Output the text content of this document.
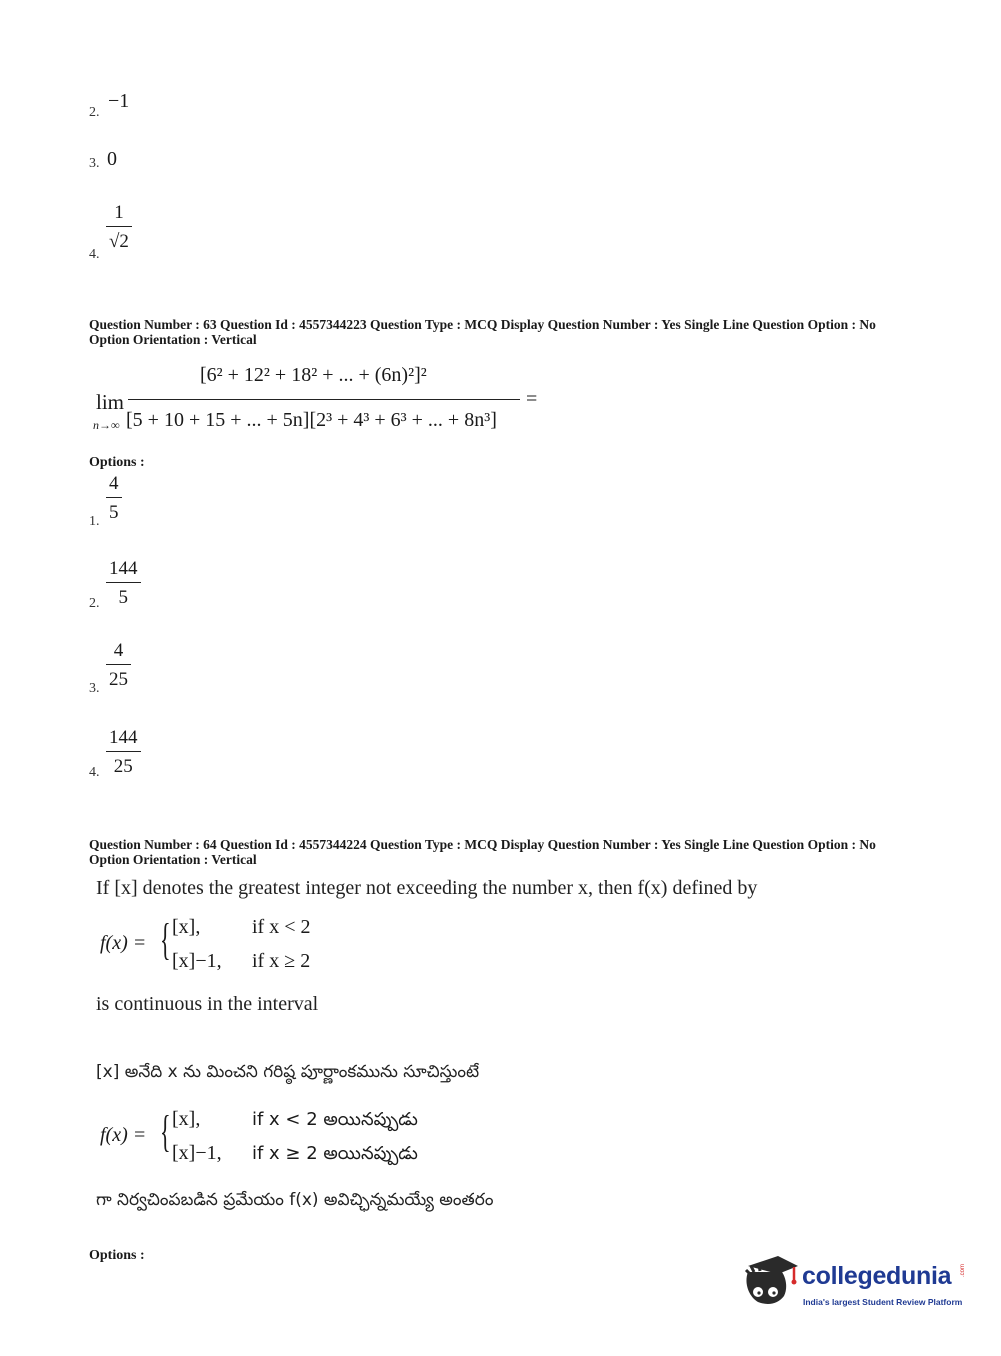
2.
−1
3. 0
4.
1
√2
Question Number : 63 Question Id : 4557344223 Question Type : MCQ Display Question Number : Yes Single Line Question Option : No Option Orientation : Vertical
lim
n→∞
[6² + 12² + 18² + ... + (6n)²]²
[5 + 10 + 15 + ... + 5n][2³ + 4³ + 6³ + ... + 8n³]
=
Options :
1.
4
5
2.
144
5
3.
4
25
4.
144
25
Question Number : 64 Question Id : 4557344224 Question Type : MCQ Display Question Number : Yes Single Line Question Option : No Option Orientation : Vertical
If [x] denotes the greatest integer not exceeding the number x, then f(x) defined by
f(x) = { [x],	if x < 2
[x]−1, if x ≥ 2
is continuous in the interval
[x] అనేది x ను మించని గరిష్ఠ పూర్ణాంకమును సూచిస్తుంటే
f(x) = { [x],	if x < 2 అయినప్పుడు
[x]−1, if x ≥ 2 అయినప్పుడు
గా నిర్వచింపబడిన ప్రమేయం f(x) అవిచ్ఛిన్నమయ్యే అంతరం
Options :
collegedunia .com
India's largest Student Review Platform
